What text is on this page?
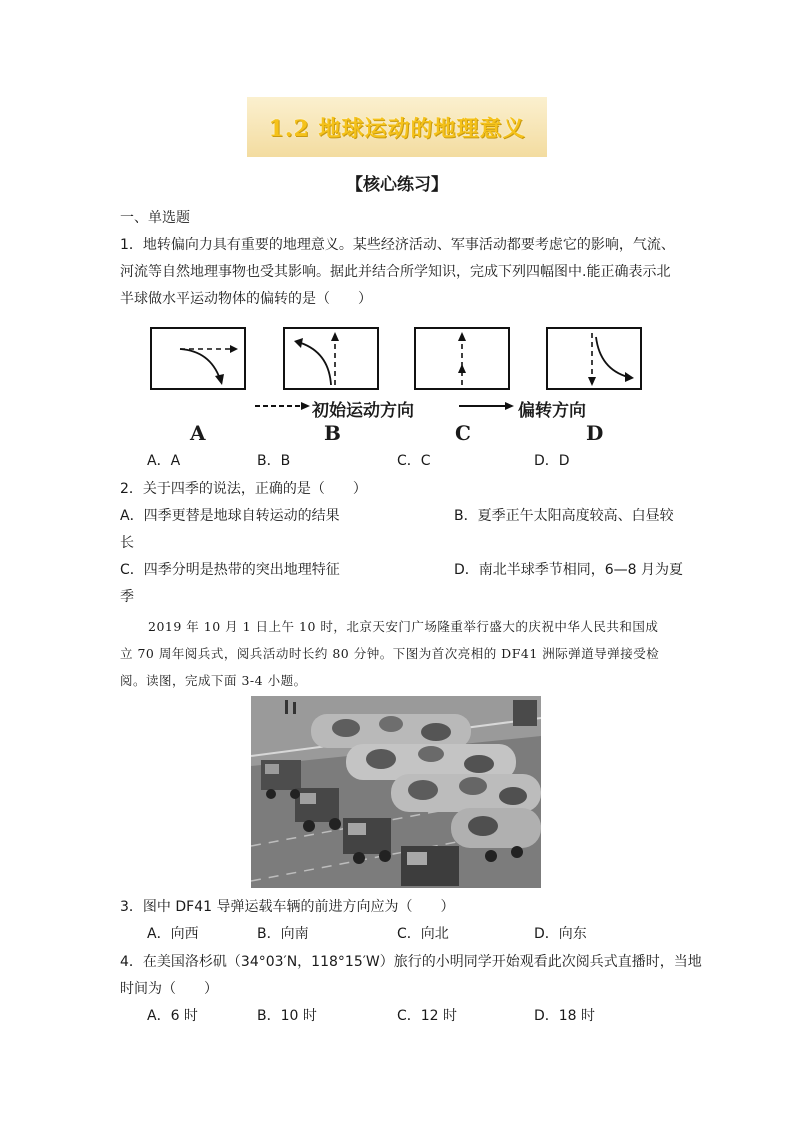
1.2 地球运动的地理意义
【核心练习】
一、单选题
1．地转偏向力具有重要的地理意义。某些经济活动、军事活动都要考虑它的影响，气流、
河流等自然地理事物也受其影响。据此并结合所学知识，完成下列四幅图中.能正确表示北
半球做水平运动物体的偏转的是（　　）
初始运动方向	偏转方向
A	B	C	D
A．A	B．B	C．C	D．D
2．关于四季的说法，正确的是（　　）
A．四季更替是地球自转运动的结果	B．夏季正午太阳高度较高、白昼较
长
C．四季分明是热带的突出地理特征	D．南北半球季节相同，6—8 月为夏
季
2019 年 10 月 1 日上午 10 时，北京天安门广场隆重举行盛大的庆祝中华人民共和国成
立 70 周年阅兵式，阅兵活动时长约 80 分钟。下图为首次亮相的 DF41 洲际弹道导弹接受检
阅。读图，完成下面 3-4 小题。
3．图中 DF41 导弹运载车辆的前进方向应为（　　）
A．向西	B．向南	C．向北	D．向东
4．在美国洛杉矶（34°03′N，118°15′W）旅行的小明同学开始观看此次阅兵式直播时，当地
时间为（　　）
A．6 时	B．10 时	C．12 时	D．18 时
